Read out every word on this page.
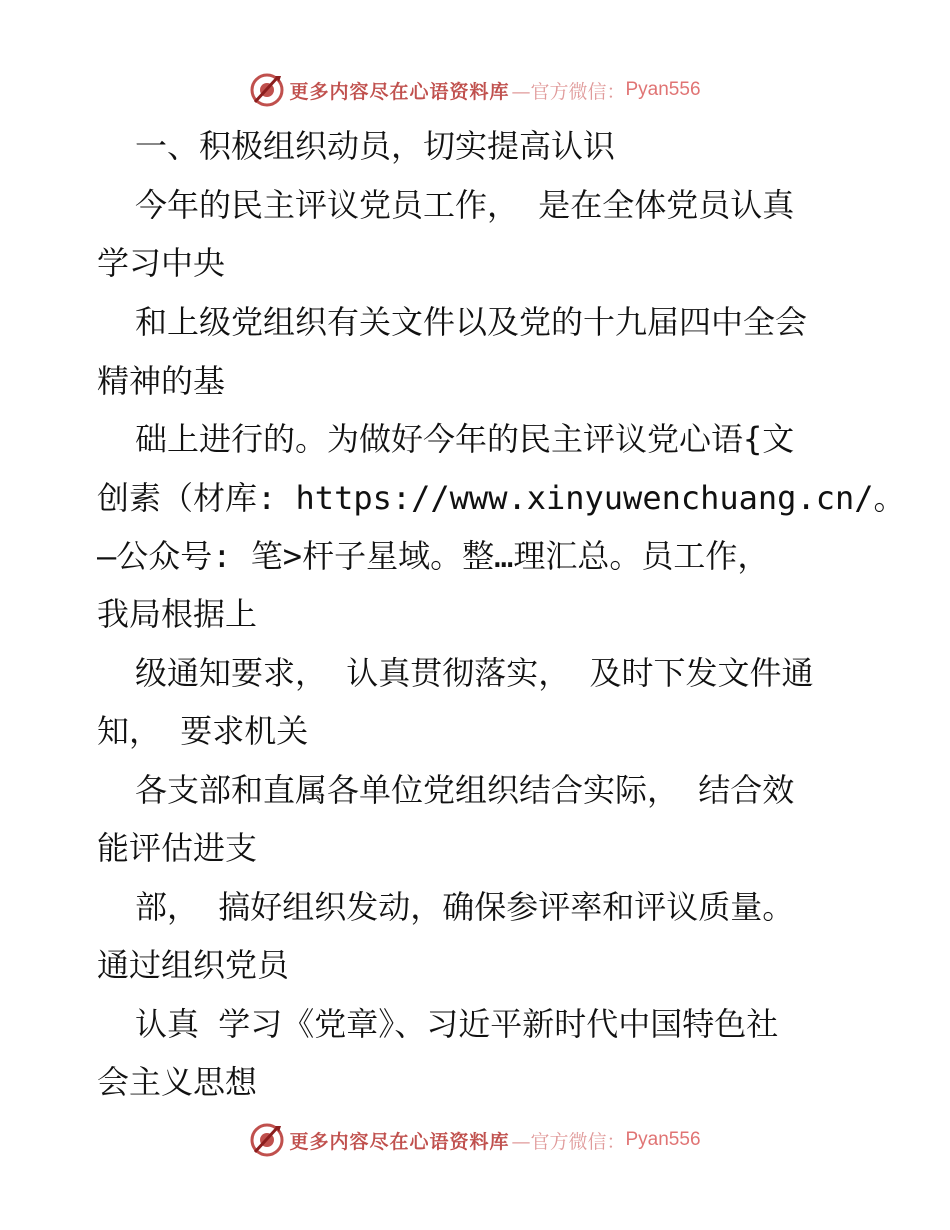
更多内容尽在心语资料库 —官方微信： Pyan556
一、积极组织动员，切实提高认识
今年的民主评议党员工作， 是在全体党员认真
学习中央
和上级党组织有关文件以及党的十九届四中全会
精神的基
础上进行的。为做好今年的民主评议党心语{文
创素（材库: https://www.xinyuwenchuang.cn/。
—公众号: 笔>杆子星域。整…理汇总。员工作，
我局根据上
级通知要求， 认真贯彻落实， 及时下发文件通
知， 要求机关
各支部和直属各单位党组织结合实际， 结合效
能评估进支
部， 搞好组织发动，确保参评率和评议质量。
通过组织党员
认真 学习《党章》、习近平新时代中国特色社
会主义思想
更多内容尽在心语资料库 —官方微信： Pyan556
